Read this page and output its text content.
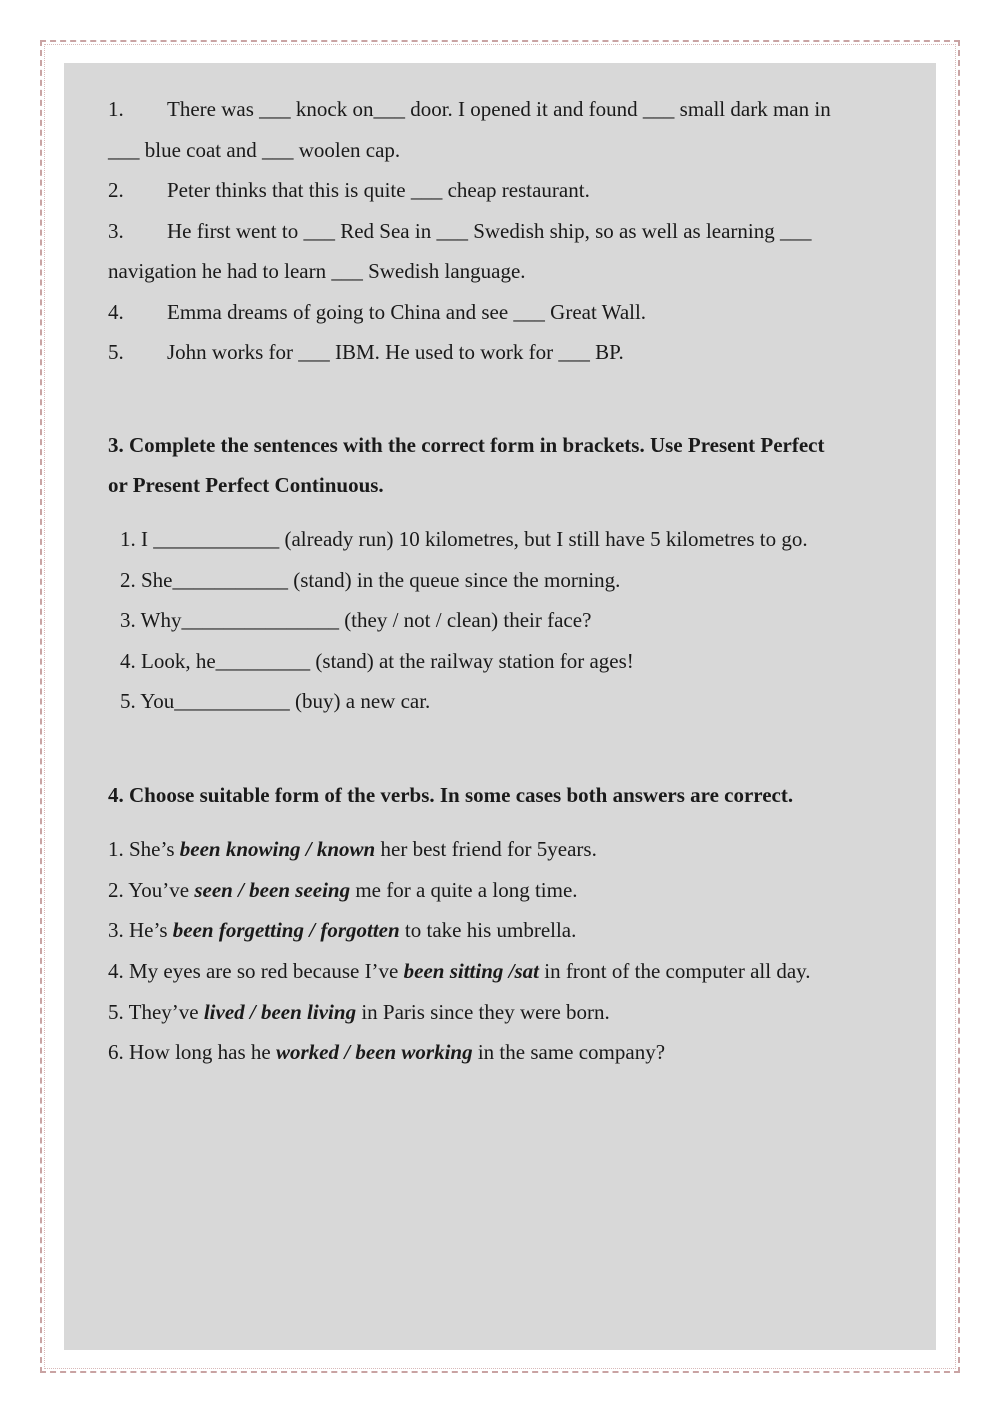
1. There was ___ knock on___ door. I opened it and found ___ small dark man in
___ blue coat and ___ woolen cap.
2. Peter thinks that this is quite ___ cheap restaurant.
3. He first went to ___ Red Sea in ___ Swedish ship, so as well as learning ___
navigation he had to learn ___ Swedish language.
4. Emma dreams of going to China and see ___ Great Wall.
5. John works for ___ IBM. He used to work for ___ BP.
3. Complete the sentences with the correct form in brackets. Use Present Perfect
or Present Perfect Continuous.
1. I ____________ (already run) 10 kilometres, but I still have 5 kilometres to go.
2. She___________ (stand) in the queue since the morning.
3. Why_______________ (they / not / clean) their face?
4. Look, he_________ (stand) at the railway station for ages!
5. You___________ (buy) a new car.
4. Choose suitable form of the verbs. In some cases both answers are correct.
1. She’s been knowing / known her best friend for 5years.
2. You’ve seen / been seeing me for a quite a long time.
3. He’s been forgetting / forgotten to take his umbrella.
4. My eyes are so red because I’ve been sitting /sat in front of the computer all day.
5. They’ve lived / been living in Paris since they were born.
6. How long has he worked / been working in the same company?
